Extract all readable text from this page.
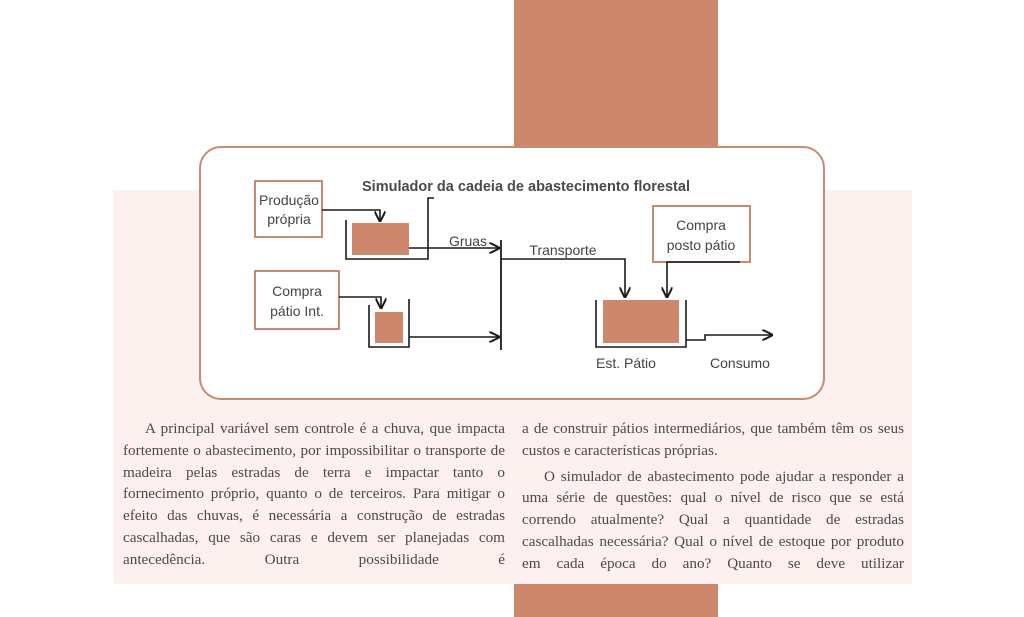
Simulador da cadeia de abastecimento florestal
Produção
própria
Gruas
Compra
pátio Int.
Transporte
Compra
posto pátio
Est. Pátio	Consumo

A principal variável sem controle é a chuva, que impacta fortemente o abastecimento, por impossibilitar o transporte de madeira pelas estradas de terra e impactar tanto o fornecimento próprio, quanto o de terceiros. Para mitigar o efeito das chuvas, é necessária a construção de estradas cascalhadas, que são caras e devem ser planejadas com antecedência. Outra possibilidade é

a de construir pátios intermediários, que também têm os seus custos e características próprias.

O simulador de abastecimento pode ajudar a responder a uma série de questões: qual o nível de risco que se está correndo atualmente? Qual a quantidade de estradas cascalhadas necessária? Qual o nível de estoque por produto em cada época do ano? Quanto se deve utilizar
